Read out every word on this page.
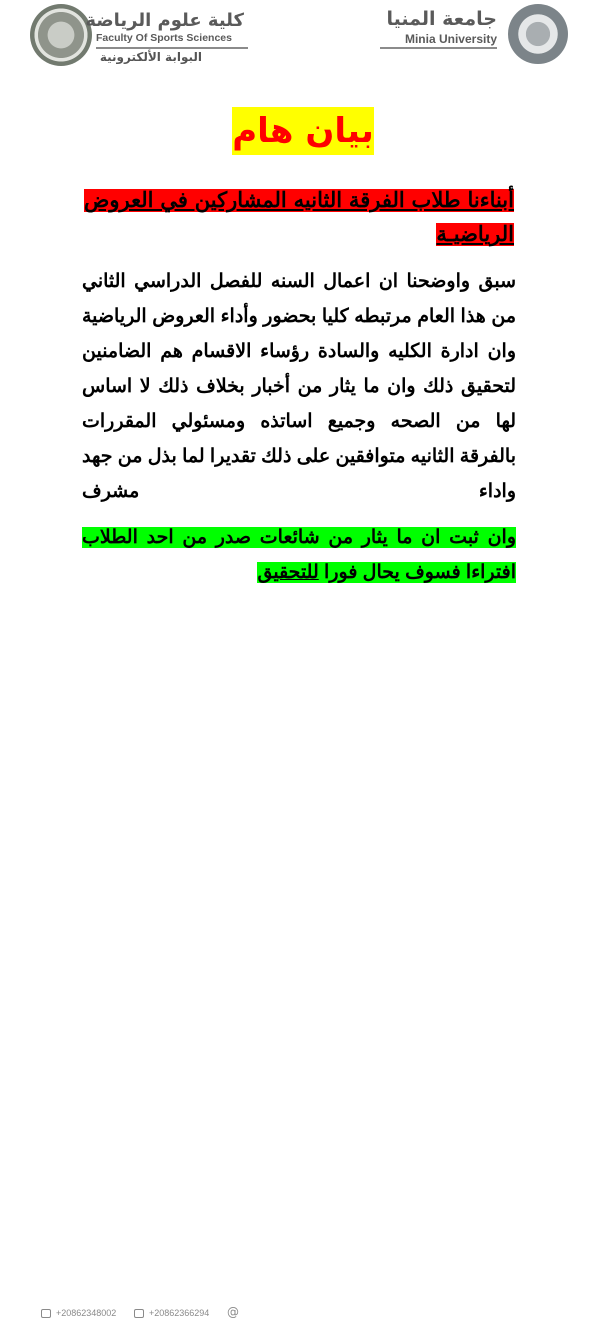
كلية علوم الرياضة
Faculty Of Sports Sciences
جامعة المنيا
Minia University
البوابة الألكترونية
بيان هام
أبناءنا طلاب الفرقة الثانيه المشاركين في العروض الرياضيـة
سبق واوضحنا ان اعمال السنه للفصل الدراسي الثاني من هذا العام مرتبطه كليا بحضور وأداء العروض الرياضية وان ادارة الكليه والسادة رؤساء الاقسام هم الضامنين لتحقيق ذلك وان ما يثار من أخبار بخلاف ذلك لا اساس لها من الصحه وجميع اساتذه ومسئولي المقررات بالفرقة الثانيه متوافقين على ذلك تقديرا لما بذل من جهد واداء مشرف
وان ثبت ان ما يثار من شائعات صدر من احد الطلاب افتراءا فسوف يحال فورا للتحقيق
+20862348002	+20862366294 @
